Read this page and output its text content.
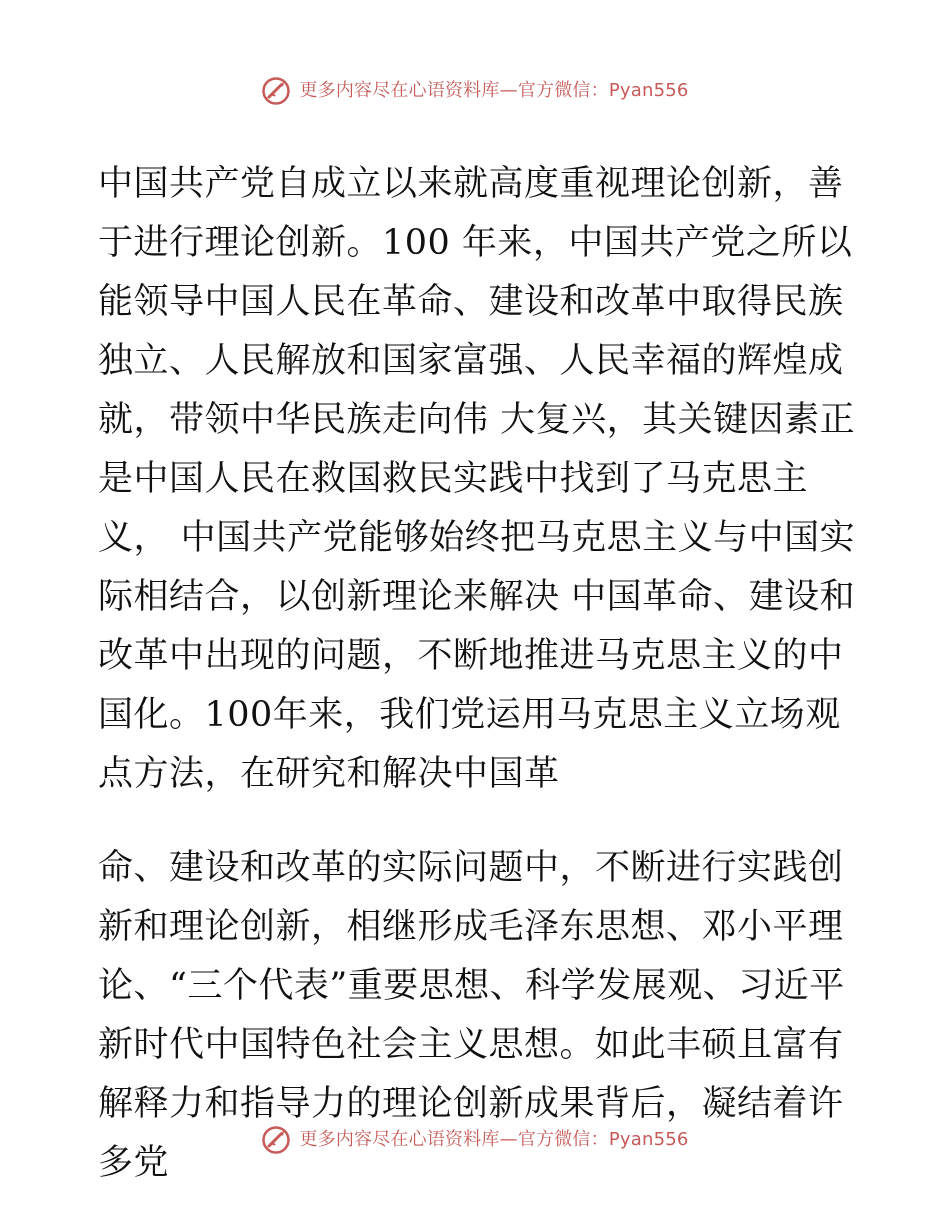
更多内容尽在心语资料库—官方微信：Pyan556

中国共产党自成立以来就高度重视理论创新，善于进行理论创新。100 年来，中国共产党之所以能领导中国人民在革命、建设和改革中取得民族 独立、人民解放和国家富强、人民幸福的辉煌成就，带领中华民族走向伟 大复兴，其关键因素正是中国人民在救国救民实践中找到了马克思主义， 中国共产党能够始终把马克思主义与中国实际相结合，以创新理论来解决 中国革命、建设和改革中出现的问题，不断地推进马克思主义的中国化。100年来，我们党运用马克思主义立场观点方法，在研究和解决中国革

命、建设和改革的实际问题中，不断进行实践创新和理论创新，相继形成毛泽东思想、邓小平理论、“三个代表”重要思想、科学发展观、习近平新时代中国特色社会主义思想。如此丰硕且富有解释力和指导力的理论创新成果背后，凝结着许多党

更多内容尽在心语资料库—官方微信：Pyan556
